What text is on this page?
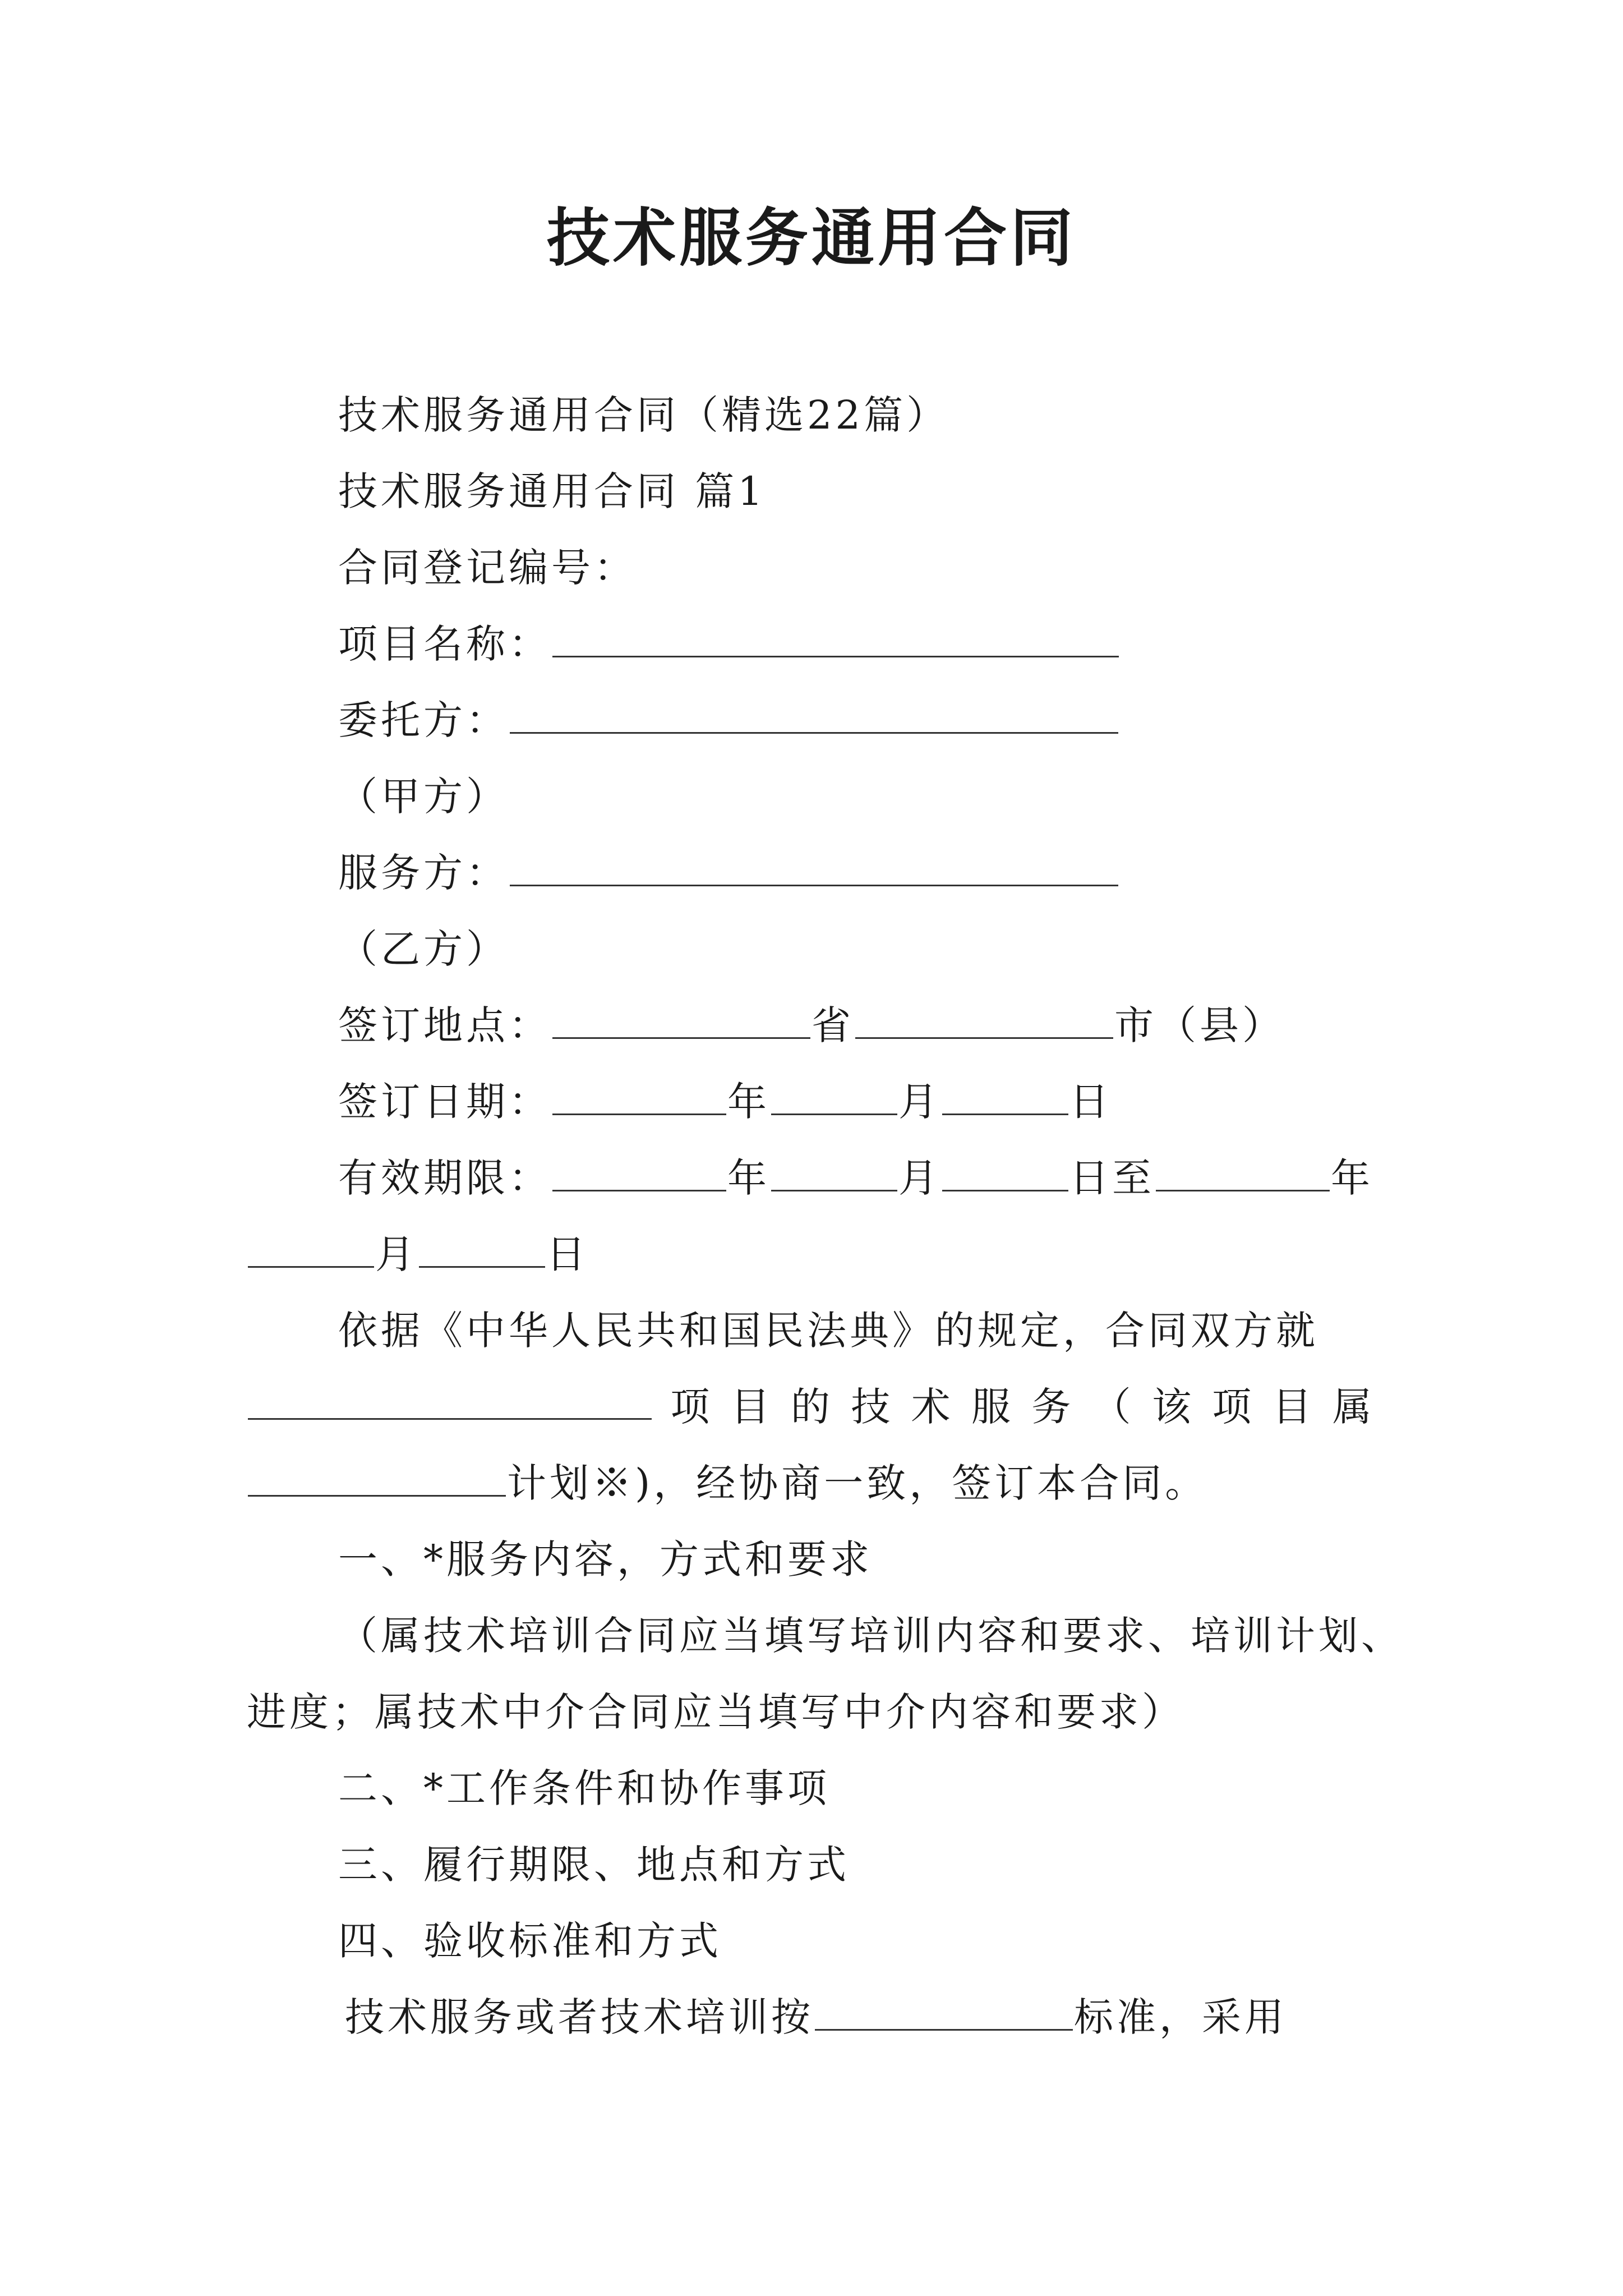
技术服务通用合同
技术服务通用合同（精选22篇）
技术服务通用合同 篇1
合同登记编号：
项目名称：
委托方：
（甲方）
服务方：
（乙方）
签订地点：	省	市（县）
签订日期：	年	月	日
有效期限：	年	月	日至	年
月	日
依据《中华人民共和国民法典》的规定，合同双方就
项 目 的 技 术 服 务 （ 该 项 目 属
计划※)，经协商一致，签订本合同。
一、*服务内容，方式和要求
（属技术培训合同应当填写培训内容和要求、培训计划、
进度；属技术中介合同应当填写中介内容和要求）
二、*工作条件和协作事项
三、履行期限、地点和方式
四、验收标准和方式
技术服务或者技术培训按	标准，采用
